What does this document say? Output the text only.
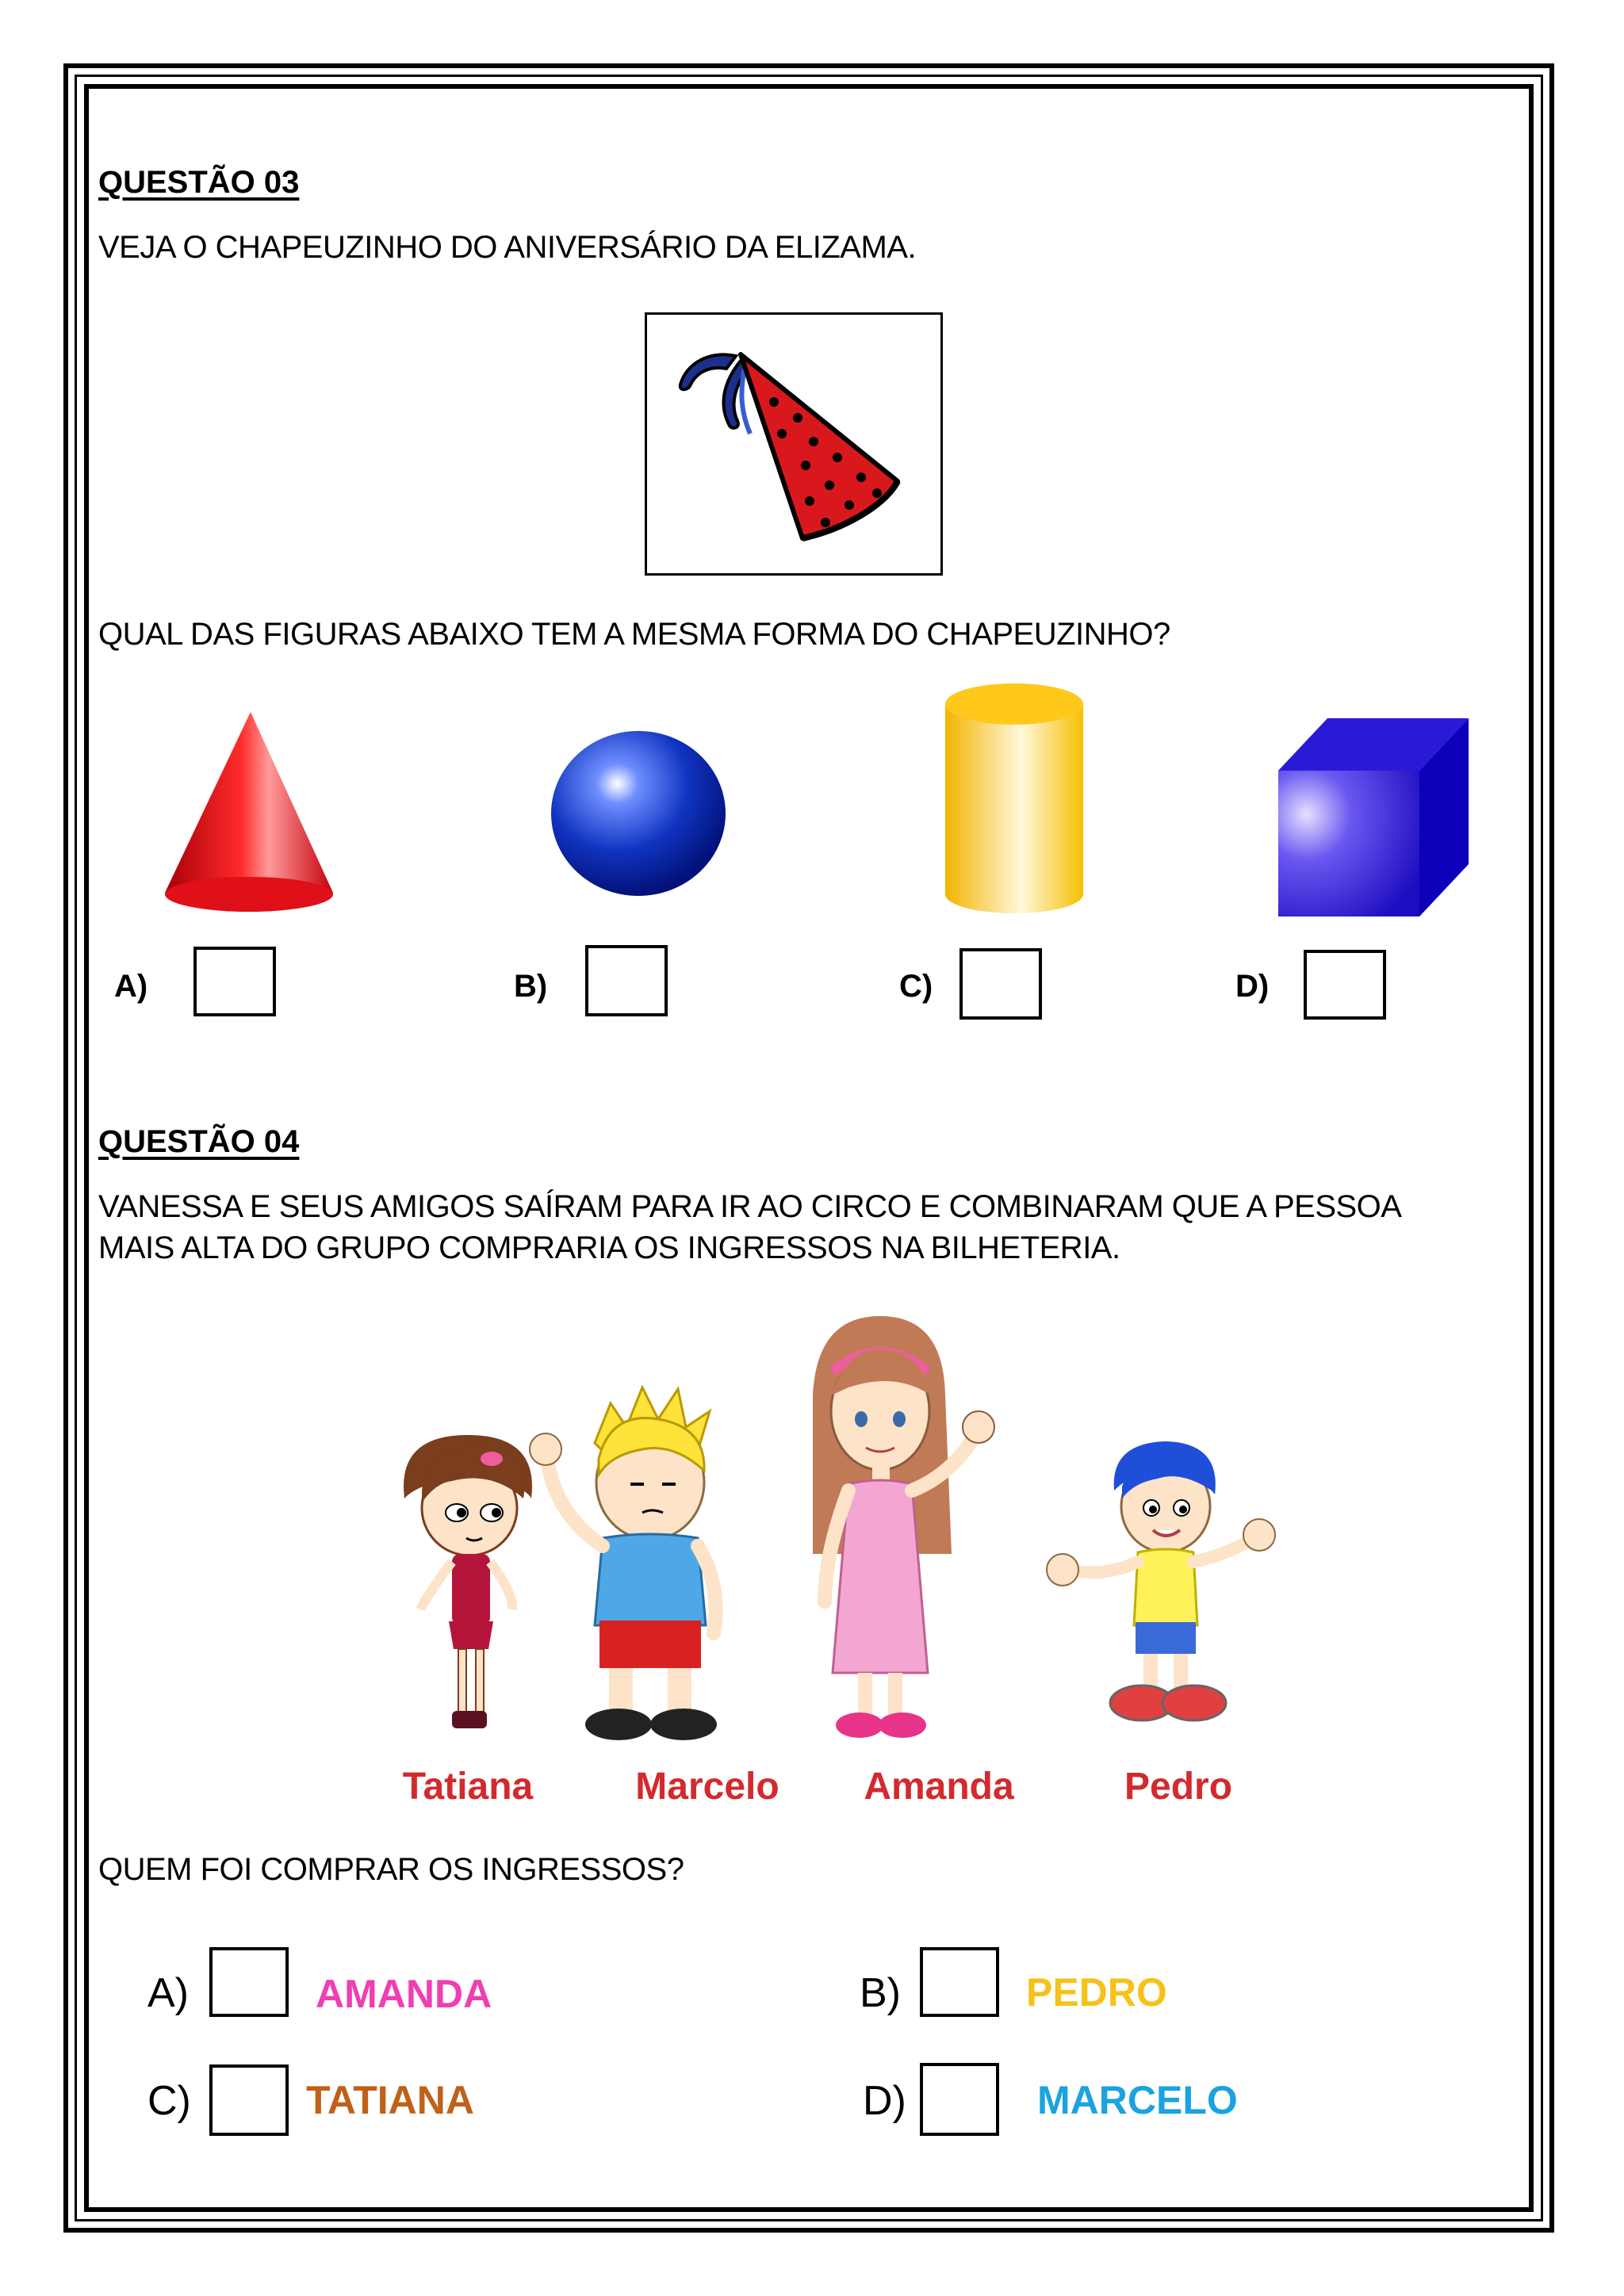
QUESTÃO 03
VEJA O CHAPEUZINHO DO ANIVERSÁRIO DA ELIZAMA.
QUAL DAS FIGURAS ABAIXO TEM A MESMA FORMA DO CHAPEUZINHO?
A)	B)	C)	D)
QUESTÃO 04
VANESSA E SEUS AMIGOS SAÍRAM PARA IR AO CIRCO E COMBINARAM QUE A PESSOA
MAIS ALTA DO GRUPO COMPRARIA OS INGRESSOS NA BILHETERIA.
Tatiana	Marcelo	Amanda	Pedro
QUEM FOI COMPRAR OS INGRESSOS?
A)	AMANDA	B)	PEDRO
C)	TATIANA	D)	MARCELO
